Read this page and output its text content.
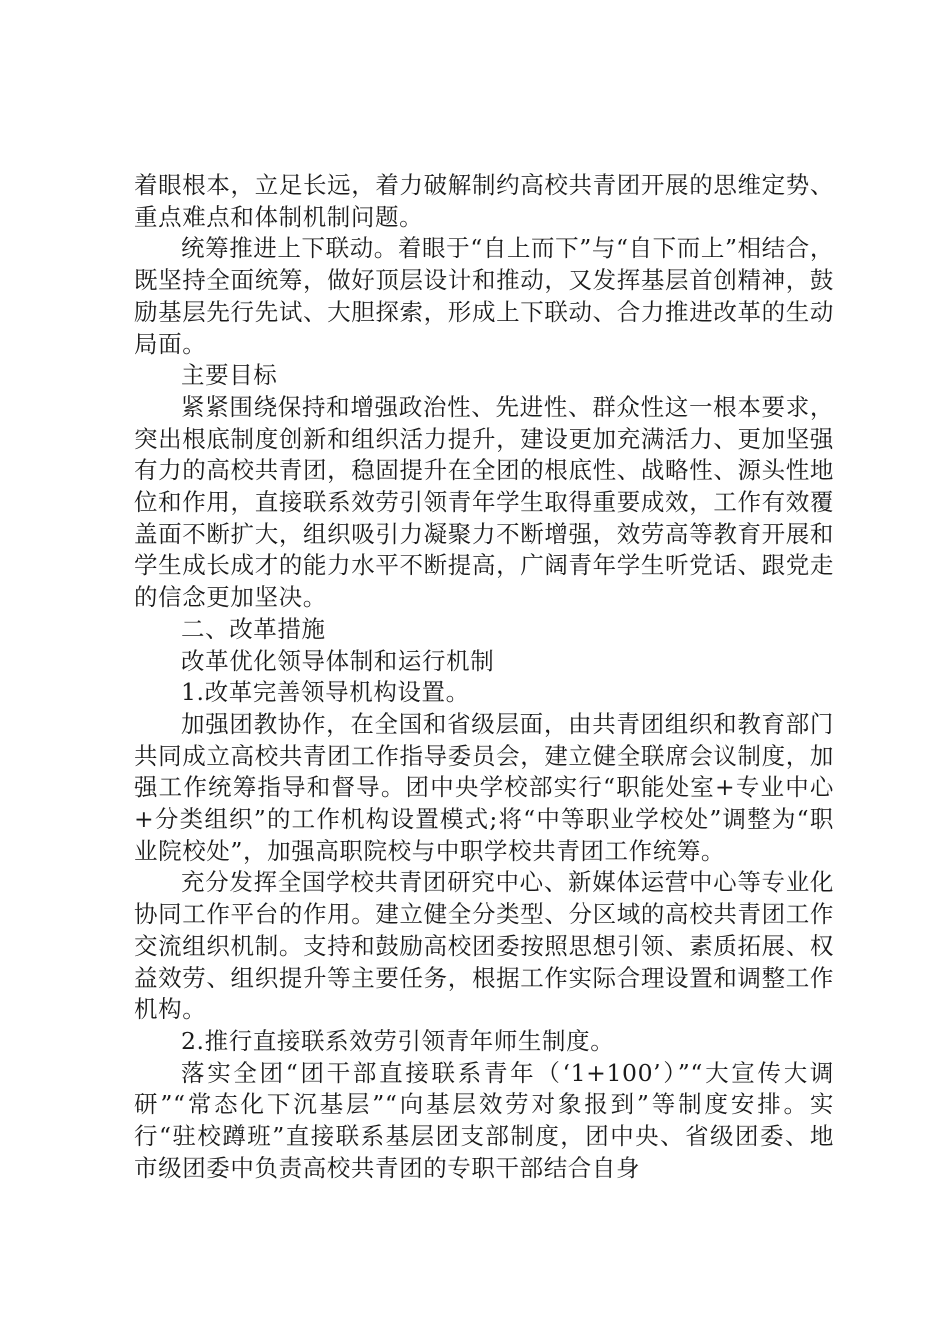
着眼根本，立足长远，着力破解制约高校共青团开展的思维定势、重点难点和体制机制问题。

统筹推进上下联动。着眼于“自上而下”与“自下而上”相结合，既坚持全面统筹，做好顶层设计和推动，又发挥基层首创精神，鼓励基层先行先试、大胆探索，形成上下联动、合力推进改革的生动局面。

主要目标

紧紧围绕保持和增强政治性、先进性、群众性这一根本要求，突出根底制度创新和组织活力提升，建设更加充满活力、更加坚强有力的高校共青团，稳固提升在全团的根底性、战略性、源头性地位和作用，直接联系效劳引领青年学生取得重要成效，工作有效覆盖面不断扩大，组织吸引力凝聚力不断增强，效劳高等教育开展和学生成长成才的能力水平不断提高，广阔青年学生听党话、跟党走的信念更加坚决。

二、改革措施

改革优化领导体制和运行机制

1.改革完善领导机构设置。

加强团教协作，在全国和省级层面，由共青团组织和教育部门共同成立高校共青团工作指导委员会，建立健全联席会议制度，加强工作统筹指导和督导。团中央学校部实行“职能处室+专业中心+分类组织”的工作机构设置模式;将“中等职业学校处”调整为“职业院校处”，加强高职院校与中职学校共青团工作统筹。

充分发挥全国学校共青团研究中心、新媒体运营中心等专业化协同工作平台的作用。建立健全分类型、分区域的高校共青团工作交流组织机制。支持和鼓励高校团委按照思想引领、素质拓展、权益效劳、组织提升等主要任务，根据工作实际合理设置和调整工作机构。

2.推行直接联系效劳引领青年师生制度。

落实全团“团干部直接联系青年（‘1+100’）”“大宣传大调研”“常态化下沉基层”“向基层效劳对象报到”等制度安排。实行“驻校蹲班”直接联系基层团支部制度，团中央、省级团委、地市级团委中负责高校共青团的专职干部结合自身
